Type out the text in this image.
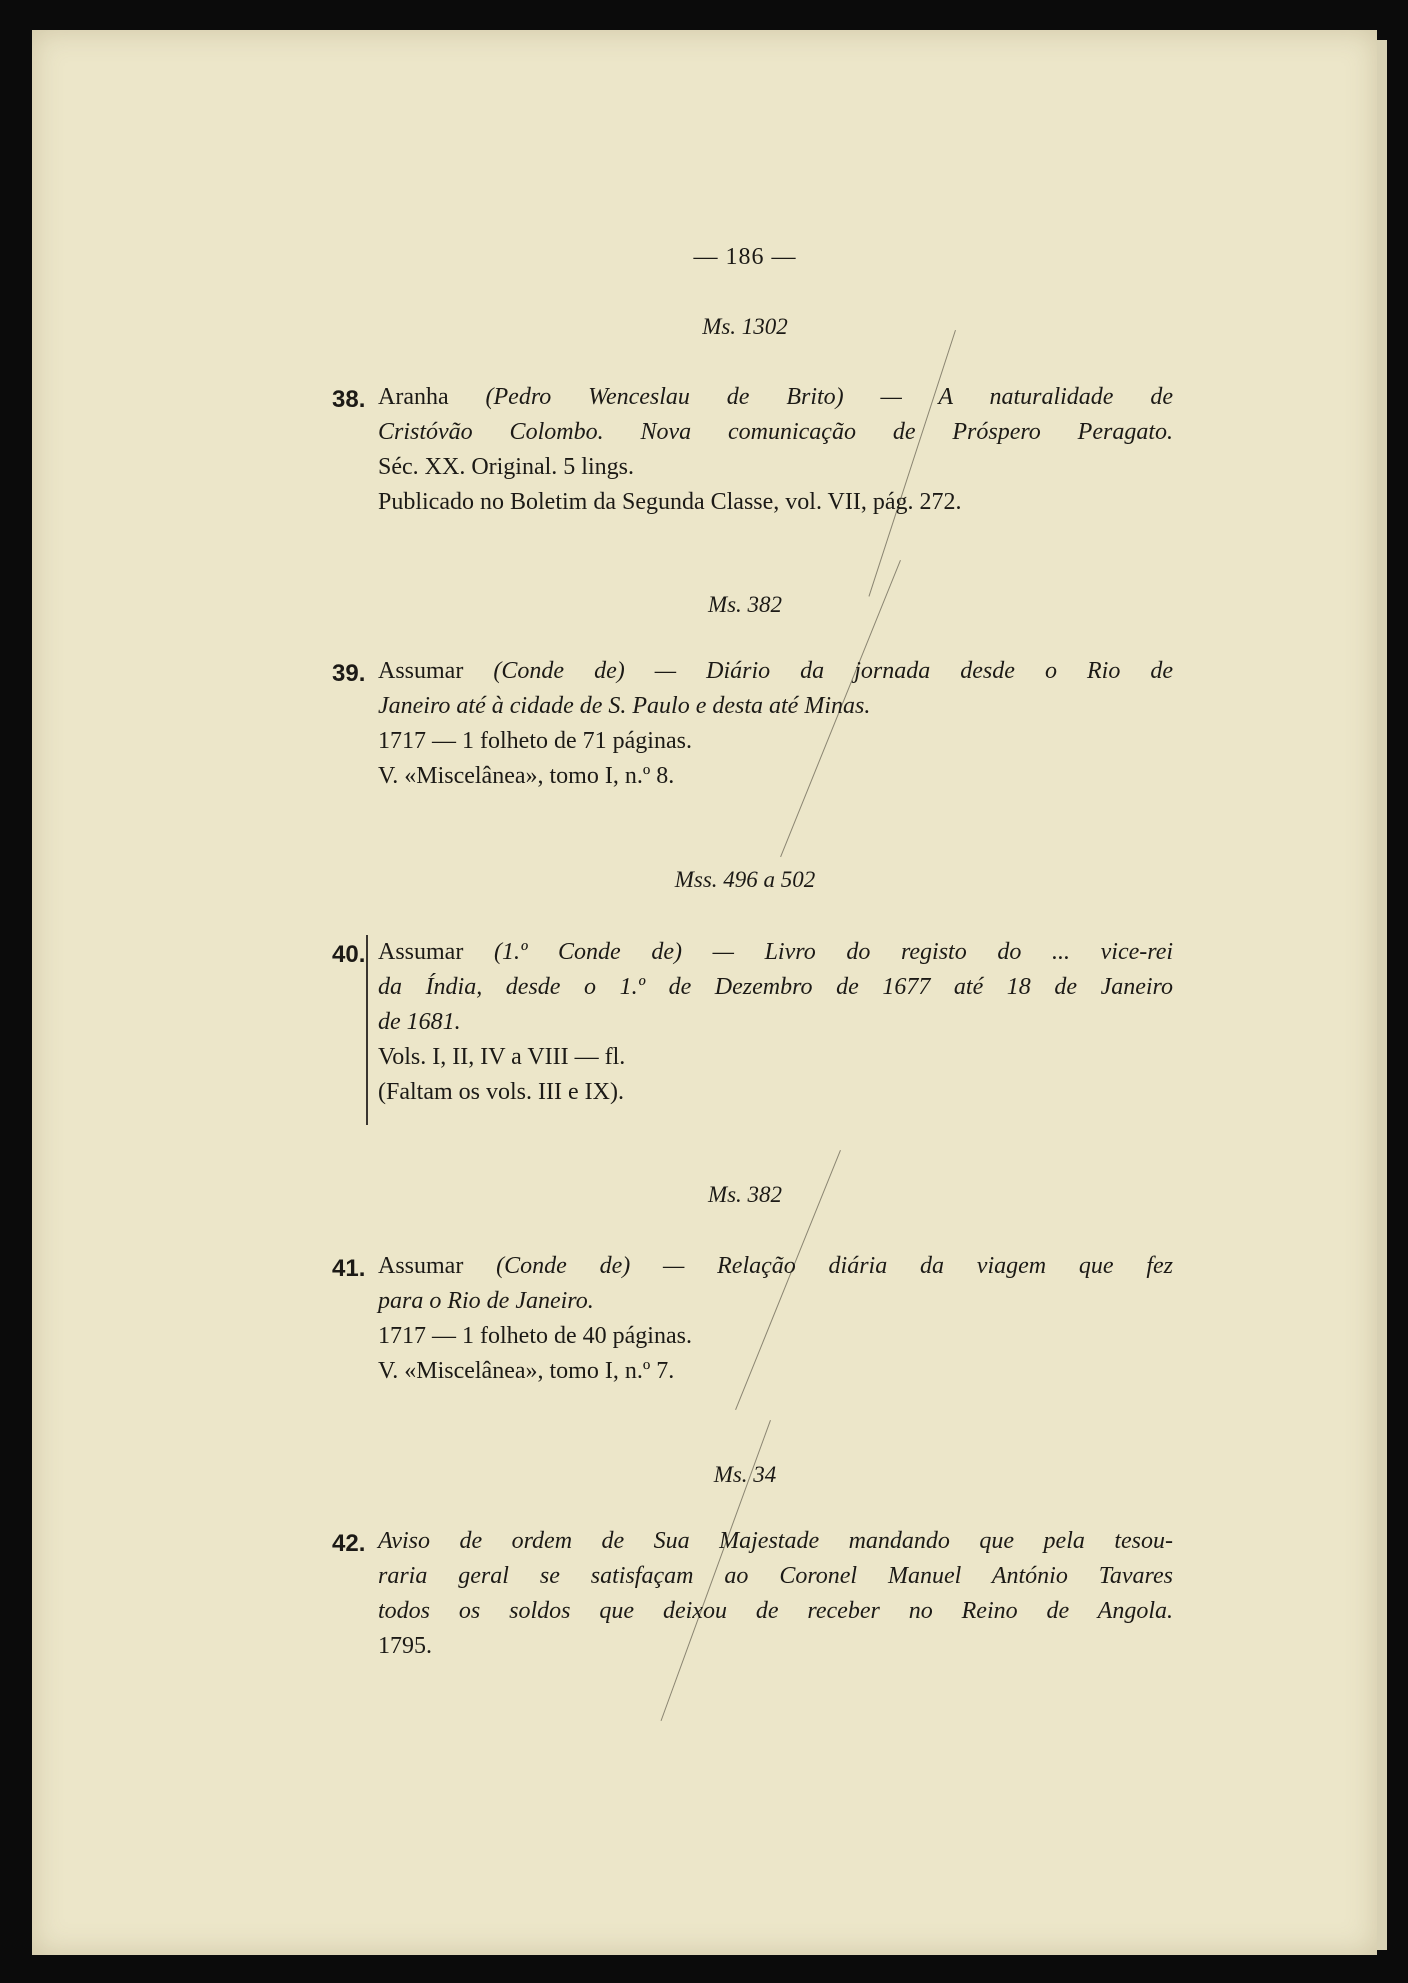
— 186 —
Ms. 1302
38. Aranha (Pedro Wenceslau de Brito) — A naturalidade de
Cristóvão Colombo. Nova comunicação de Próspero Peragato.
Séc. XX. Original. 5 lings.
Publicado no Boletim da Segunda Classe, vol. VII, pág. 272.
Ms. 382
39. Assumar (Conde de) — Diário da jornada desde o Rio de
Janeiro até à cidade de S. Paulo e desta até Minas.
1717 — 1 folheto de 71 páginas.
V. «Miscelânea», tomo I, n.º 8.
Mss. 496 a 502
40. Assumar (1.º Conde de) — Livro do registo do ... vice-rei
da Índia, desde o 1.º de Dezembro de 1677 até 18 de Janeiro
de 1681.
Vols. I, II, IV a VIII — fl.
(Faltam os vols. III e IX).
Ms. 382
41. Assumar (Conde de) — Relação diária da viagem que fez
para o Rio de Janeiro.
1717 — 1 folheto de 40 páginas.
V. «Miscelânea», tomo I, n.º 7.
Ms. 34
42. Aviso de ordem de Sua Majestade mandando que pela tesou-
raria geral se satisfaçam ao Coronel Manuel António Tavares
todos os soldos que deixou de receber no Reino de Angola.
1795.
